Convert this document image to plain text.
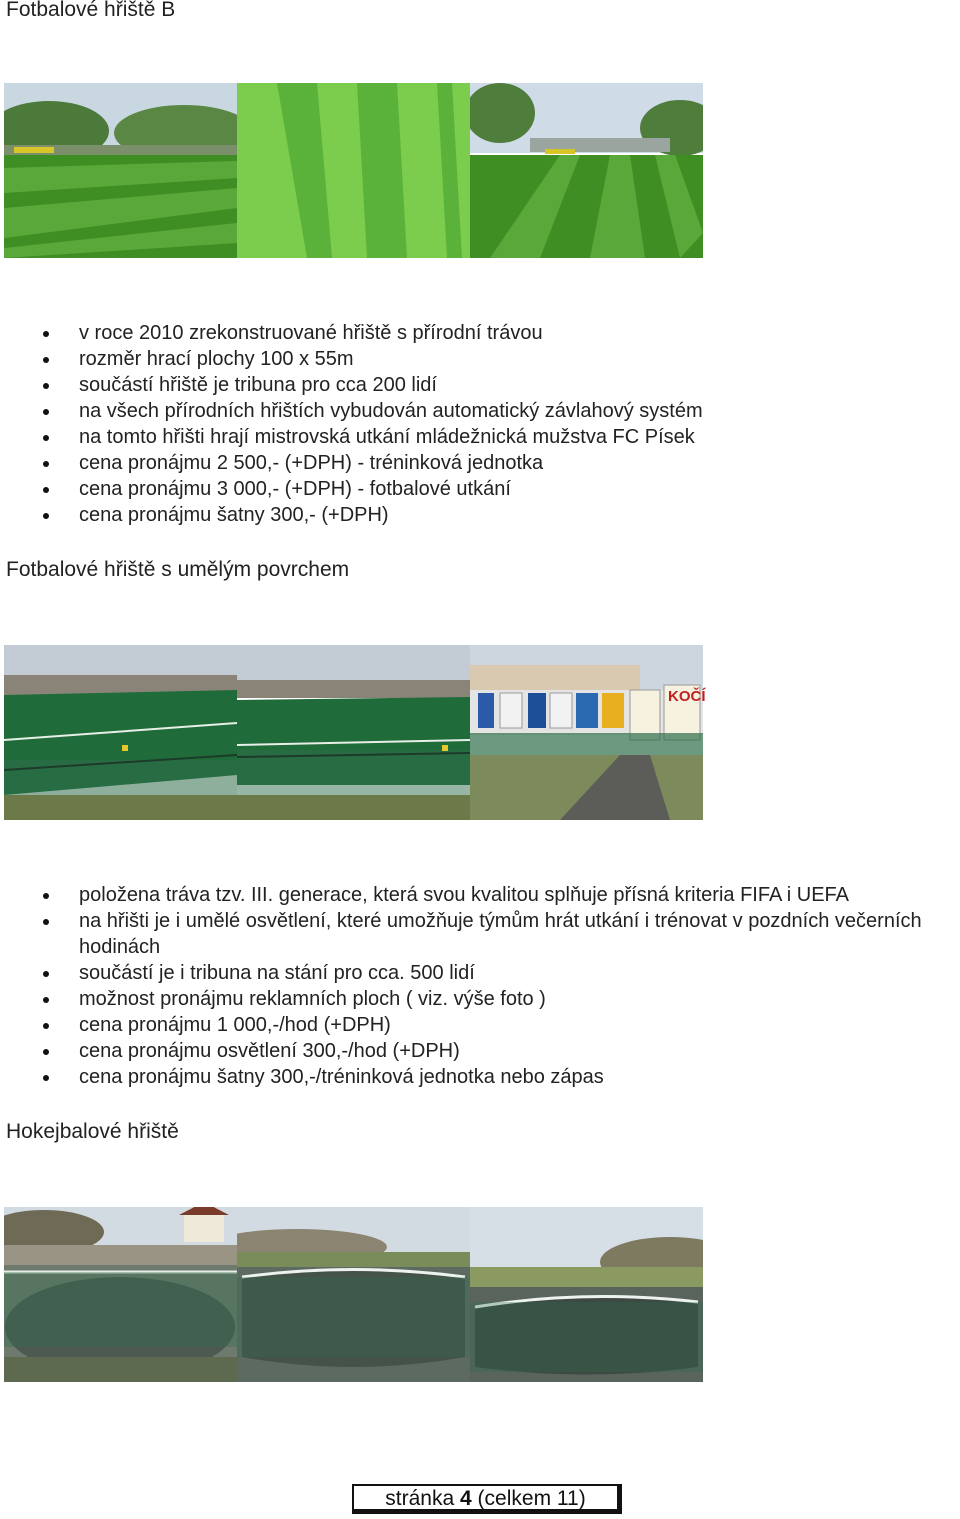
Fotbalové hřiště B
v roce 2010 zrekonstruované hřiště s přírodní trávou
rozměr hrací plochy 100 x 55m
součástí hřiště je tribuna pro cca 200 lidí
na všech přírodních hřištích vybudován automatický závlahový systém
na tomto hřišti hrají mistrovská utkání mládežnická mužstva FC Písek
cena pronájmu 2 500,- (+DPH) - tréninková jednotka
cena pronájmu 3 000,- (+DPH) - fotbalové utkání
cena pronájmu šatny 300,- (+DPH)
Fotbalové hřiště s umělým povrchem
KOČÍ
položena tráva tzv. III. generace, která svou kvalitou splňuje přísná kriteria FIFA i UEFA
na hřišti je i umělé osvětlení, které umožňuje týmům hrát utkání i trénovat v pozdních večerních hodinách
součástí je i tribuna na stání pro cca. 500 lidí
možnost pronájmu reklamních ploch ( viz. výše foto )
cena pronájmu 1 000,-/hod (+DPH)
cena pronájmu osvětlení 300,-/hod (+DPH)
cena pronájmu šatny 300,-/tréninková jednotka nebo zápas
Hokejbalové hřiště
stránka 4 (celkem 11)
